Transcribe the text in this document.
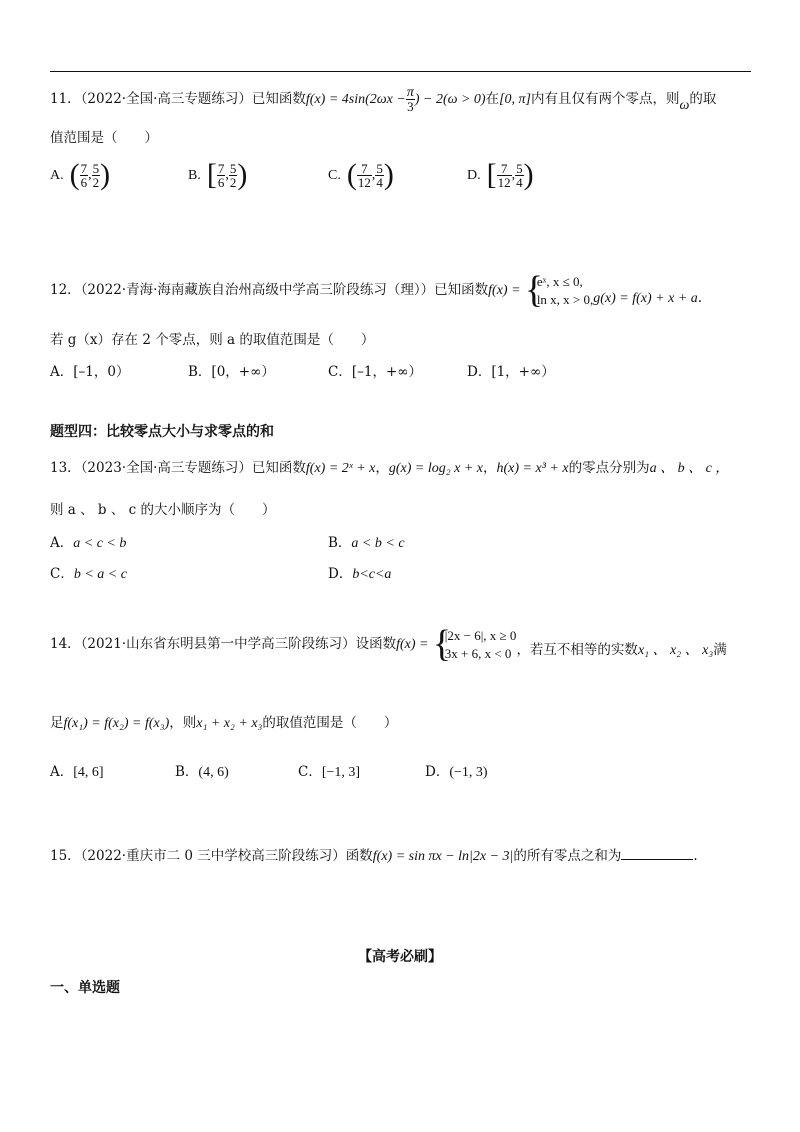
11．（2022·全国·高三专题练习）已知函数$f(x) = 4\sin(2\omega x - \frac{\pi}{3}$ ) − 2(ω > 0)在[0, π]内有且仅有两个零点，则ω的取
值范围是（　　）
A. ( $\frac{7}{6}$ , $\frac{5}{2}$ )	B. [ $\frac{7}{6}$ , $\frac{5}{2}$ )	C. ( $\frac{7}{12}$ , $\frac{5}{4}$ )	D. [ $\frac{7}{12}$ , $\frac{5}{4}$ )
12．（2022·青海·海南藏族自治州高级中学高三阶段练习（理））已知函数f(x) = {
eˣ, x ≤ 0,
ln x, x > 0, g(x) = f(x) + x + a.
若 g（x）存在 2 个零点，则 a 的取值范围是（　　）
A．[–1，0）	B．[0，+∞）	C．[–1，+∞）	D．[1，+∞）
题型四：比较零点大小与求零点的和
13．（2023·全国·高三专题练习）已知函数f(x) = 2ˣ + x，g(x) = log₂ x + x，h(x) = x³ + x的零点分别为a 、 b 、 c ，
则 a 、 b 、 c 的大小顺序为（　　）
A．a < c < b	B．a < b < c
C．b < a < c	D．b<c<a
14．（2021·山东省东明县第一中学高三阶段练习）设函数f(x) = {
|2x − 6|, x ≥ 0
3x + 6, x < 0 ，若互不相等的实数x₁ 、 x₂ 、 x₃满
足f(x₁) = f(x₂) = f(x₃)，则x₁ + x₂ + x₃的取值范围是（　　）
A．[4, 6]	B．(4, 6)	C．[−1, 3]	D．(−1, 3)
15．（2022·重庆市二 0 三中学校高三阶段练习）函数f(x) = sin πx − ln|2x − 3|的所有零点之和为	.
【高考必刷】
一、单选题
